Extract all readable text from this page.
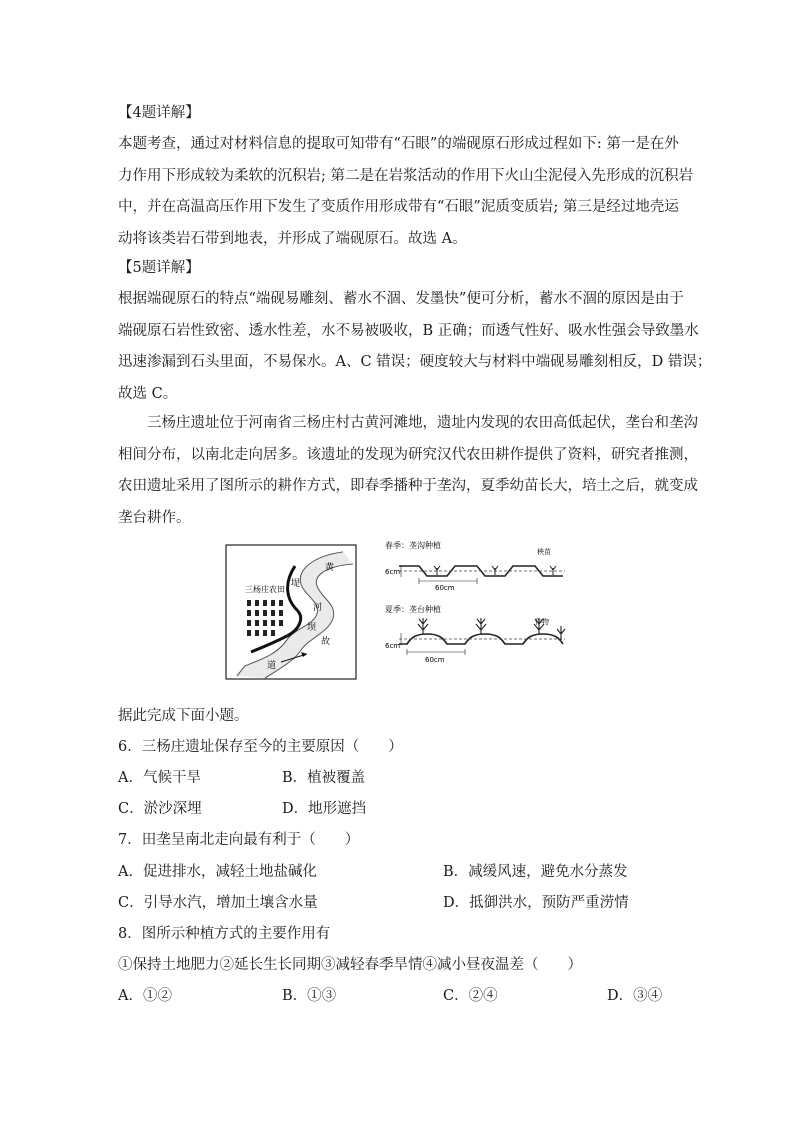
【4题详解】
本题考查，通过对材料信息的提取可知带有“石眼”的端砚原石形成过程如下: 第一是在外
力作用下形成较为柔软的沉积岩; 第二是在岩浆活动的作用下火山尘泥侵入先形成的沉积岩
中，并在高温高压作用下发生了变质作用形成带有“石眼”泥质变质岩; 第三是经过地壳运
动将该类岩石带到地表，并形成了端砚原石。故选 A。
【5题详解】
根据端砚原石的特点“端砚易雕刻、蓄水不涸、发墨快”便可分析，蓄水不涸的原因是由于
端砚原石岩性致密、透水性差，水不易被吸收，B 正确；而透气性好、吸水性强会导致墨水
迅速渗漏到石头里面，不易保水。A、C 错误；硬度较大与材料中端砚易雕刻相反，D 错误；
故选 C。
三杨庄遗址位于河南省三杨庄村古黄河滩地，遗址内发现的农田高低起伏，垄台和垄沟
相间分布，以南北走向居多。该遗址的发现为研究汉代农田耕作提供了资料，研究者推测，
农田遗址采用了图所示的耕作方式，即春季播种于垄沟，夏季幼苗长大，培土之后，就变成
垄台耕作。
三杨庄农田
黄
河
故
道
堤
坝
春季：垄沟种植
秧苗
6cm
60cm
夏季：垄台种植
作物
6cm
60cm
据此完成下面小题。
6．三杨庄遗址保存至今的主要原因（　　）
A．气候干旱	B．植被覆盖
C．淤沙深埋	D．地形遮挡
7．田垄呈南北走向最有利于（　　）
A．促进排水，减轻土地盐碱化	B．减缓风速，避免水分蒸发
C．引导水汽，增加土壤含水量	D．抵御洪水，预防严重涝情
8．图所示种植方式的主要作用有
①保持土地肥力②延长生长同期③减轻春季旱情④减小昼夜温差（　　）
A．①②	B．①③	C．②④	D．③④
